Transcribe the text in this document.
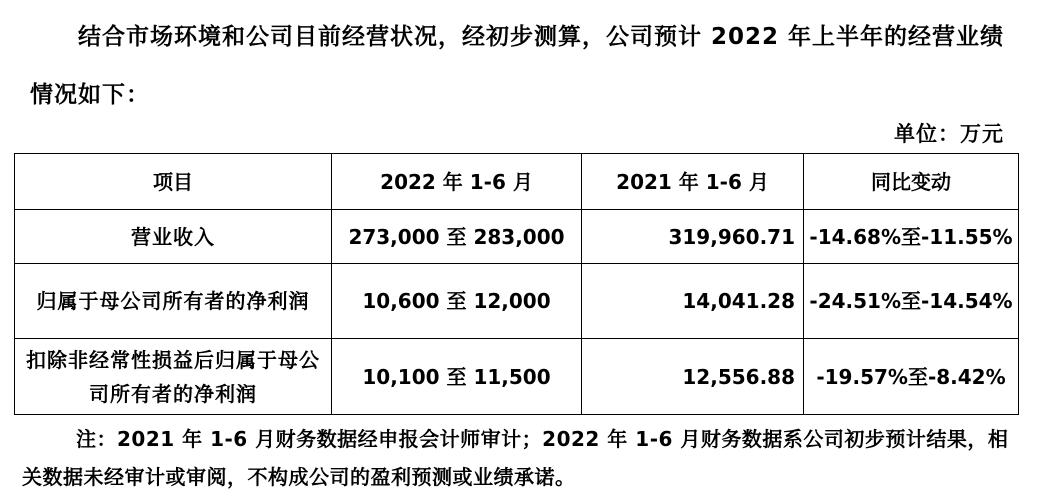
结合市场环境和公司目前经营状况，经初步测算，公司预计 2022 年上半年的经营业绩情况如下：
单位：万元
项目	2022 年 1-6 月	2021 年 1-6 月	同比变动
营业收入	273,000 至 283,000	319,960.71	-14.68%至-11.55%
归属于母公司所有者的净利润	10,600 至 12,000	14,041.28	-24.51%至-14.54%
扣除非经常性损益后归属于母公司所有者的净利润	10,100 至 11,500	12,556.88	-19.57%至-8.42%
注：2021 年 1-6 月财务数据经申报会计师审计；2022 年 1-6 月财务数据系公司初步预计结果，相关数据未经审计或审阅，不构成公司的盈利预测或业绩承诺。
